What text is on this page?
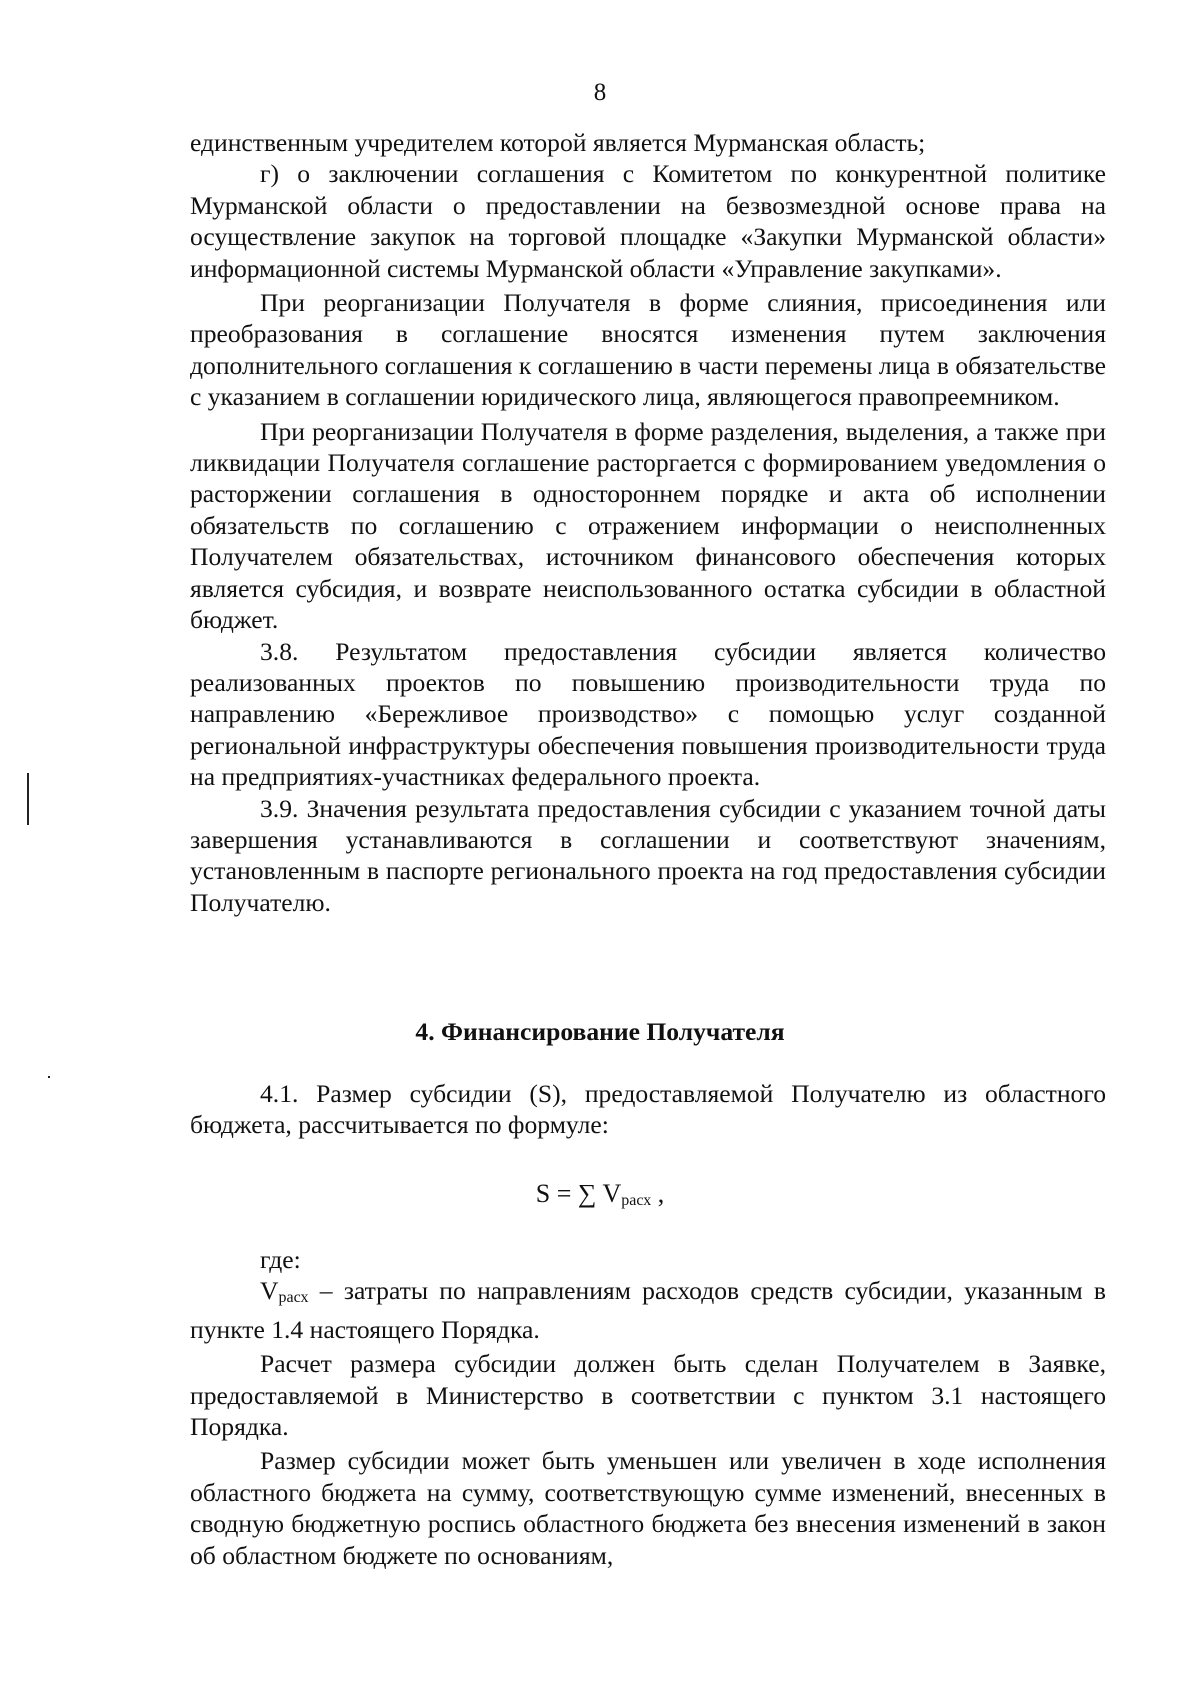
8

единственным учредителем которой является Мурманская область;

г) о заключении соглашения с Комитетом по конкурентной политике Мурманской области о предоставлении на безвозмездной основе права на осуществление закупок на торговой площадке «Закупки Мурманской области» информационной системы Мурманской области «Управление закупками».

При реорганизации Получателя в форме слияния, присоединения или преобразования в соглашение вносятся изменения путем заключения дополнительного соглашения к соглашению в части перемены лица в обязательстве с указанием в соглашении юридического лица, являющегося правопреемником.

При реорганизации Получателя в форме разделения, выделения, а также при ликвидации Получателя соглашение расторгается с формированием уведомления о расторжении соглашения в одностороннем порядке и акта об исполнении обязательств по соглашению с отражением информации о неисполненных Получателем обязательствах, источником финансового обеспечения которых является субсидия, и возврате неиспользованного остатка субсидии в областной бюджет.

3.8. Результатом предоставления субсидии является количество реализованных проектов по повышению производительности труда по направлению «Бережливое производство» с помощью услуг созданной региональной инфраструктуры обеспечения повышения производительности труда на предприятиях-участниках федерального проекта.

3.9. Значения результата предоставления субсидии с указанием точной даты завершения устанавливаются в соглашении и соответствуют значениям, установленным в паспорте регионального проекта на год предоставления субсидии Получателю.

4. Финансирование Получателя

4.1. Размер субсидии (S), предоставляемой Получателю из областного бюджета, рассчитывается по формуле:

S = ∑ $V_{расх}$ ,

где:

Vрасх – затраты по направлениям расходов средств субсидии, указанным в пункте 1.4 настоящего Порядка.

Расчет размера субсидии должен быть сделан Получателем в Заявке, предоставляемой в Министерство в соответствии с пунктом 3.1 настоящего Порядка.

Размер субсидии может быть уменьшен или увеличен в ходе исполнения областного бюджета на сумму, соответствующую сумме изменений, внесенных в сводную бюджетную роспись областного бюджета без внесения изменений в закон об областном бюджете по основаниям,
